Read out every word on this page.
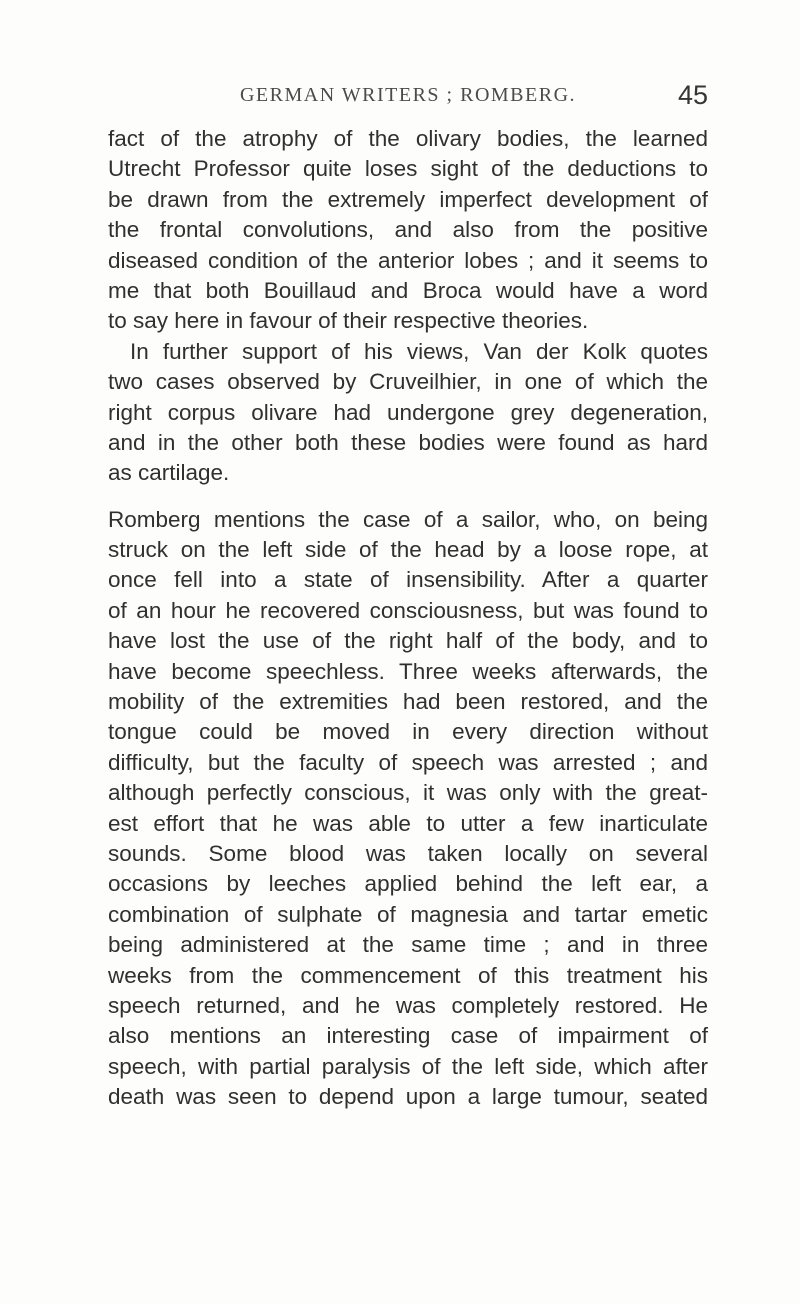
GERMAN WRITERS ; ROMBERG.	45
fact of the atrophy of the olivary bodies, the learned
Utrecht Professor quite loses sight of the deductions to
be drawn from the extremely imperfect development of
the frontal convolutions, and also from the positive
diseased condition of the anterior lobes ; and it seems to
me that both Bouillaud and Broca would have a word
to say here in favour of their respective theories.
In further support of his views, Van der Kolk quotes
two cases observed by Cruveilhier, in one of which the
right corpus olivare had undergone grey degeneration,
and in the other both these bodies were found as hard
as cartilage.
Romberg mentions the case of a sailor, who, on being
struck on the left side of the head by a loose rope, at
once fell into a state of insensibility. After a quarter
of an hour he recovered consciousness, but was found to
have lost the use of the right half of the body, and to
have become speechless. Three weeks afterwards, the
mobility of the extremities had been restored, and the
tongue could be moved in every direction without
difficulty, but the faculty of speech was arrested ; and
although perfectly conscious, it was only with the great-
est effort that he was able to utter a few inarticulate
sounds. Some blood was taken locally on several
occasions by leeches applied behind the left ear, a
combination of sulphate of magnesia and tartar emetic
being administered at the same time ; and in three
weeks from the commencement of this treatment his
speech returned, and he was completely restored. He
also mentions an interesting case of impairment of
speech, with partial paralysis of the left side, which after
death was seen to depend upon a large tumour, seated
